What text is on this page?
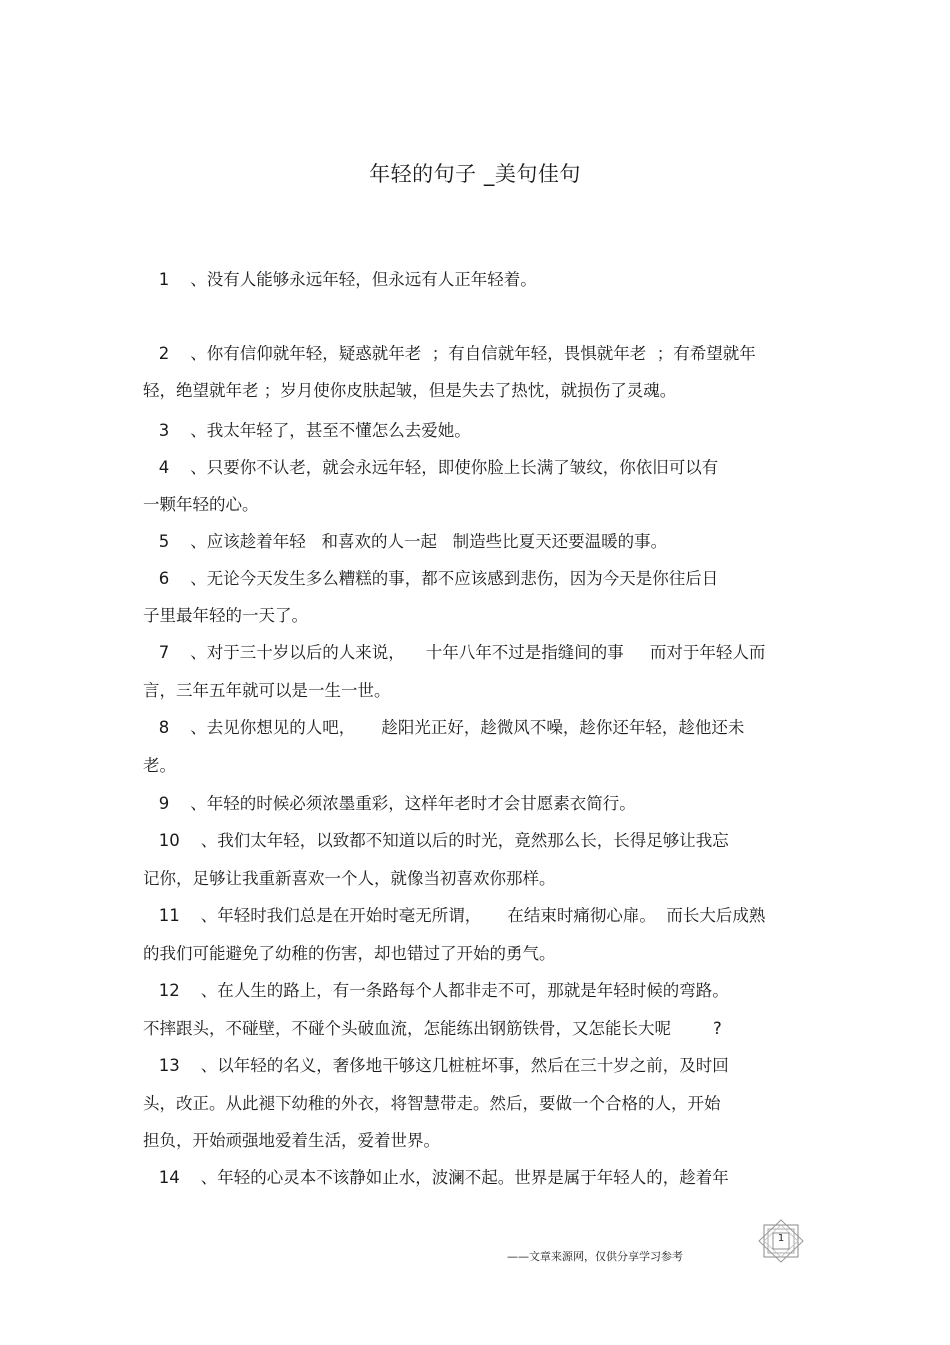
年轻的句子 _美句佳句
1    、没有人能够永远年轻，但永远有人正年轻着。
2    、你有信仰就年轻，疑惑就年老  ；有自信就年轻，畏惧就年老  ；有希望就年
轻，绝望就年老 ；岁月使你皮肤起皱，但是失去了热忱，就损伤了灵魂。
3    、我太年轻了，甚至不懂怎么去爱她。
4    、只要你不认老，就会永远年轻，即使你脸上长满了皱纹，你依旧可以有
一颗年轻的心。
5    、应该趁着年轻   和喜欢的人一起   制造些比夏天还要温暖的事。
6    、无论今天发生多么糟糕的事，都不应该感到悲伤，因为今天是你往后日
子里最年轻的一天了。
7    、对于三十岁以后的人来说，    十年八年不过是指缝间的事     而对于年轻人而
言，三年五年就可以是一生一世。
8    、去见你想见的人吧，     趁阳光正好，趁微风不噪，趁你还年轻，趁他还未
老。
9    、年轻的时候必须浓墨重彩，这样年老时才会甘愿素衣简行。
10    、我们太年轻，以致都不知道以后的时光，竟然那么长，长得足够让我忘
记你，足够让我重新喜欢一个人，就像当初喜欢你那样。
11    、年轻时我们总是在开始时毫无所谓，     在结束时痛彻心扉。  而长大后成熟
的我们可能避免了幼稚的伤害，却也错过了开始的勇气。
12    、在人生的路上，有一条路每个人都非走不可，那就是年轻时候的弯路。
不摔跟头，不碰壁，不碰个头破血流，怎能练出钢筋铁骨，又怎能长大呢        ?
13    、以年轻的名义，奢侈地干够这几桩桩坏事，然后在三十岁之前，及时回
头，改正。从此褪下幼稚的外衣，将智慧带走。然后，要做一个合格的人，开始
担负，开始顽强地爱着生活，爱着世界。
14    、年轻的心灵本不该静如止水，波澜不起。世界是属于年轻人的，趁着年
——文章来源网，仅供分享学习参考
1
